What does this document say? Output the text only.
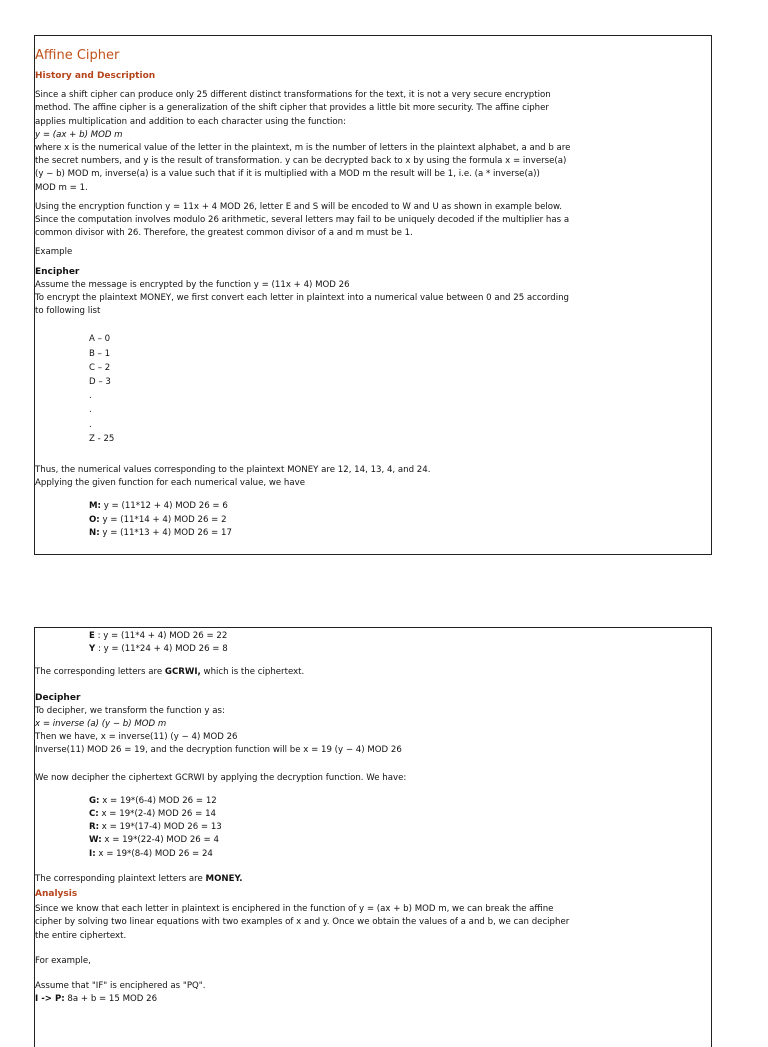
Affine Cipher
History and Description

Since a shift cipher can produce only 25 different distinct transformations for the text, it is not a very secure encryption

method. The affine cipher is a generalization of the shift cipher that provides a little bit more security. The affine cipher

applies multiplication and addition to each character using the function:

y = (ax + b) MOD m

where x is the numerical value of the letter in the plaintext, m is the number of letters in the plaintext alphabet, a and b are

the secret numbers, and y is the result of transformation. y can be decrypted back to x by using the formula x = inverse(a)

(y − b) MOD m, inverse(a) is a value such that if it is multiplied with a MOD m the result will be 1, i.e. (a * inverse(a))

MOD m = 1.

Using the encryption function y = 11x + 4 MOD 26, letter E and S will be encoded to W and U as shown in example below.

Since the computation involves modulo 26 arithmetic, several letters may fail to be uniquely decoded if the multiplier has a

common divisor with 26. Therefore, the greatest common divisor of a and m must be 1.

Example

Encipher

Assume the message is encrypted by the function y = (11x + 4) MOD 26

To encrypt the plaintext MONEY, we first convert each letter in plaintext into a numerical value between 0 and 25 according

to following list

A – 0
B – 1
C – 2
D – 3
.
.
.
Z - 25

Thus, the numerical values corresponding to the plaintext MONEY are 12, 14, 13, 4, and 24.

Applying the given function for each numerical value, we have

M: y = (11*12 + 4) MOD 26 = 6
O: y = (11*14 + 4) MOD 26 = 2
N: y = (11*13 + 4) MOD 26 = 17
E : y = (11*4 + 4) MOD 26 = 22
Y : y = (11*24 + 4) MOD 26 = 8

The corresponding letters are GCRWI, which is the ciphertext.

Decipher

To decipher, we transform the function y as:

x = inverse (a) (y − b) MOD m

Then we have, x = inverse(11) (y − 4) MOD 26

Inverse(11) MOD 26 = 19, and the decryption function will be x = 19 (y − 4) MOD 26

We now decipher the ciphertext GCRWI by applying the decryption function. We have:

G: x = 19*(6-4) MOD 26 = 12
C: x = 19*(2-4) MOD 26 = 14
R: x = 19*(17-4) MOD 26 = 13
W: x = 19*(22-4) MOD 26 = 4
I: x = 19*(8-4) MOD 26 = 24

The corresponding plaintext letters are MONEY.

Analysis

Since we know that each letter in plaintext is enciphered in the function of y = (ax + b) MOD m, we can break the affine

cipher by solving two linear equations with two examples of x and y. Once we obtain the values of a and b, we can decipher

the entire ciphertext.

For example,

Assume that "IF" is enciphered as "PQ".

I -> P: 8a + b = 15 MOD 26
